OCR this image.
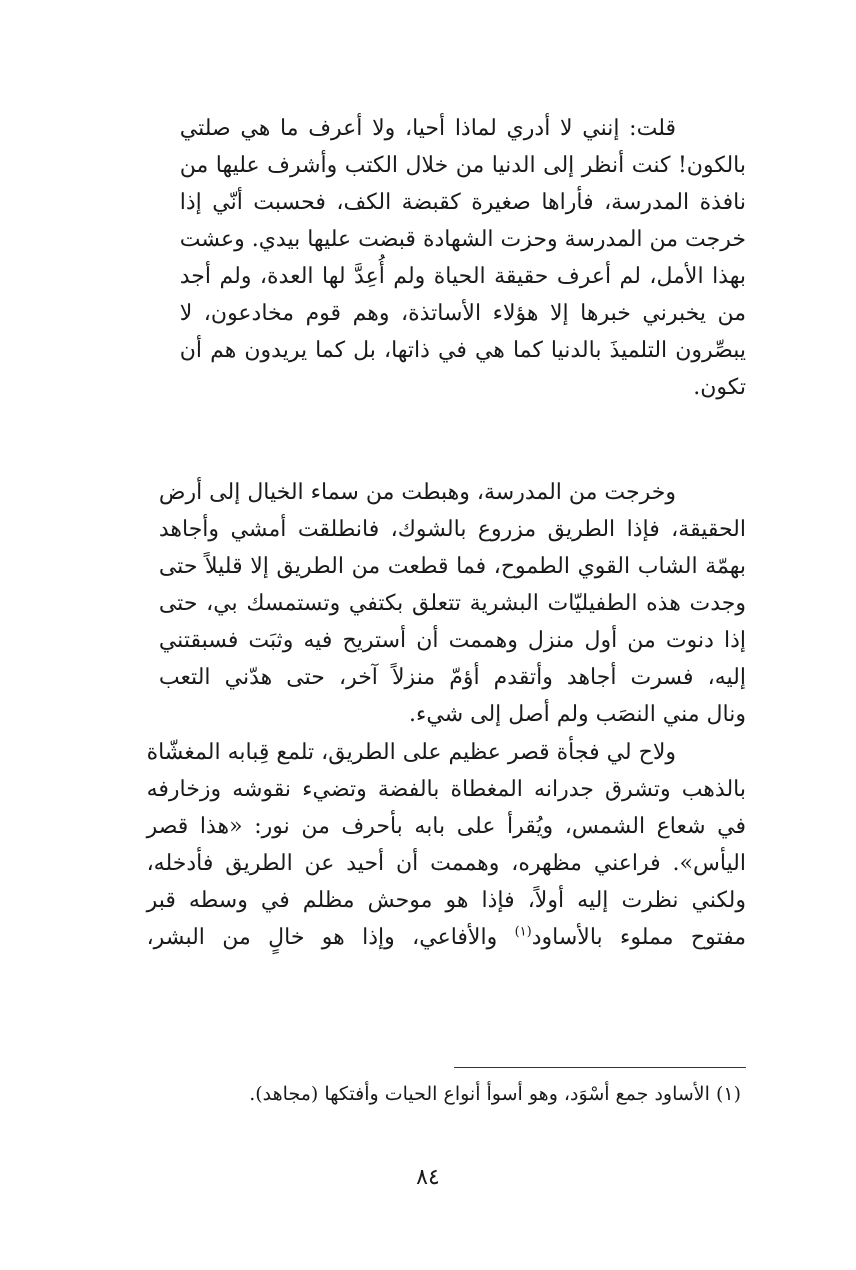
قلت: إنني لا أدري لماذا أحيا، ولا أعرف ما هي صلتي
بالكون! كنت أنظر إلى الدنيا من خلال الكتب وأشرف عليها من
نافذة المدرسة، فأراها صغيرة كقبضة الكف، فحسبت أنّي إذا
خرجت من المدرسة وحزت الشهادة قبضت عليها بيدي. وعشت
بهذا الأمل، لم أعرف حقيقة الحياة ولم أُعِدَّ لها العدة، ولم أجد
من يخبرني خبرها إلا هؤلاء الأساتذة، وهم قوم مخادعون، لا
يبصِّرون التلميذَ بالدنيا كما هي في ذاتها، بل كما يريدون هم أن
تكون.

وخرجت من المدرسة، وهبطت من سماء الخيال إلى أرض
الحقيقة، فإذا الطريق مزروع بالشوك، فانطلقت أمشي وأجاهد
بهمّة الشاب القوي الطموح، فما قطعت من الطريق إلا قليلاً حتى
وجدت هذه الطفيليّات البشرية تتعلق بكتفي وتستمسك بي، حتى
إذا دنوت من أول منزل وهممت أن أستريح فيه وثبَت فسبقتني
إليه، فسرت أجاهد وأتقدم أؤمّ منزلاً آخر، حتى هدّني التعب
ونال مني النصَب ولم أصل إلى شيء.

ولاح لي فجأة قصر عظيم على الطريق، تلمع قِبابه المغشّاة
بالذهب وتشرق جدرانه المغطاة بالفضة وتضيء نقوشه وزخارفه
في شعاع الشمس، ويُقرأ على بابه بأحرف من نور: «هذا قصر
اليأس». فراعني مظهره، وهممت أن أحيد عن الطريق فأدخله،
ولكني نظرت إليه أولاً، فإذا هو موحش مظلم في وسطه قبر
مفتوح مملوء بالأساود$^{(١)}$ والأفاعي، وإذا هو خالٍ من البشر،

(١) الأساود جمع أسْوَد، وهو أسوأ أنواع الحيات وأفتكها (مجاهد).
٨٤
